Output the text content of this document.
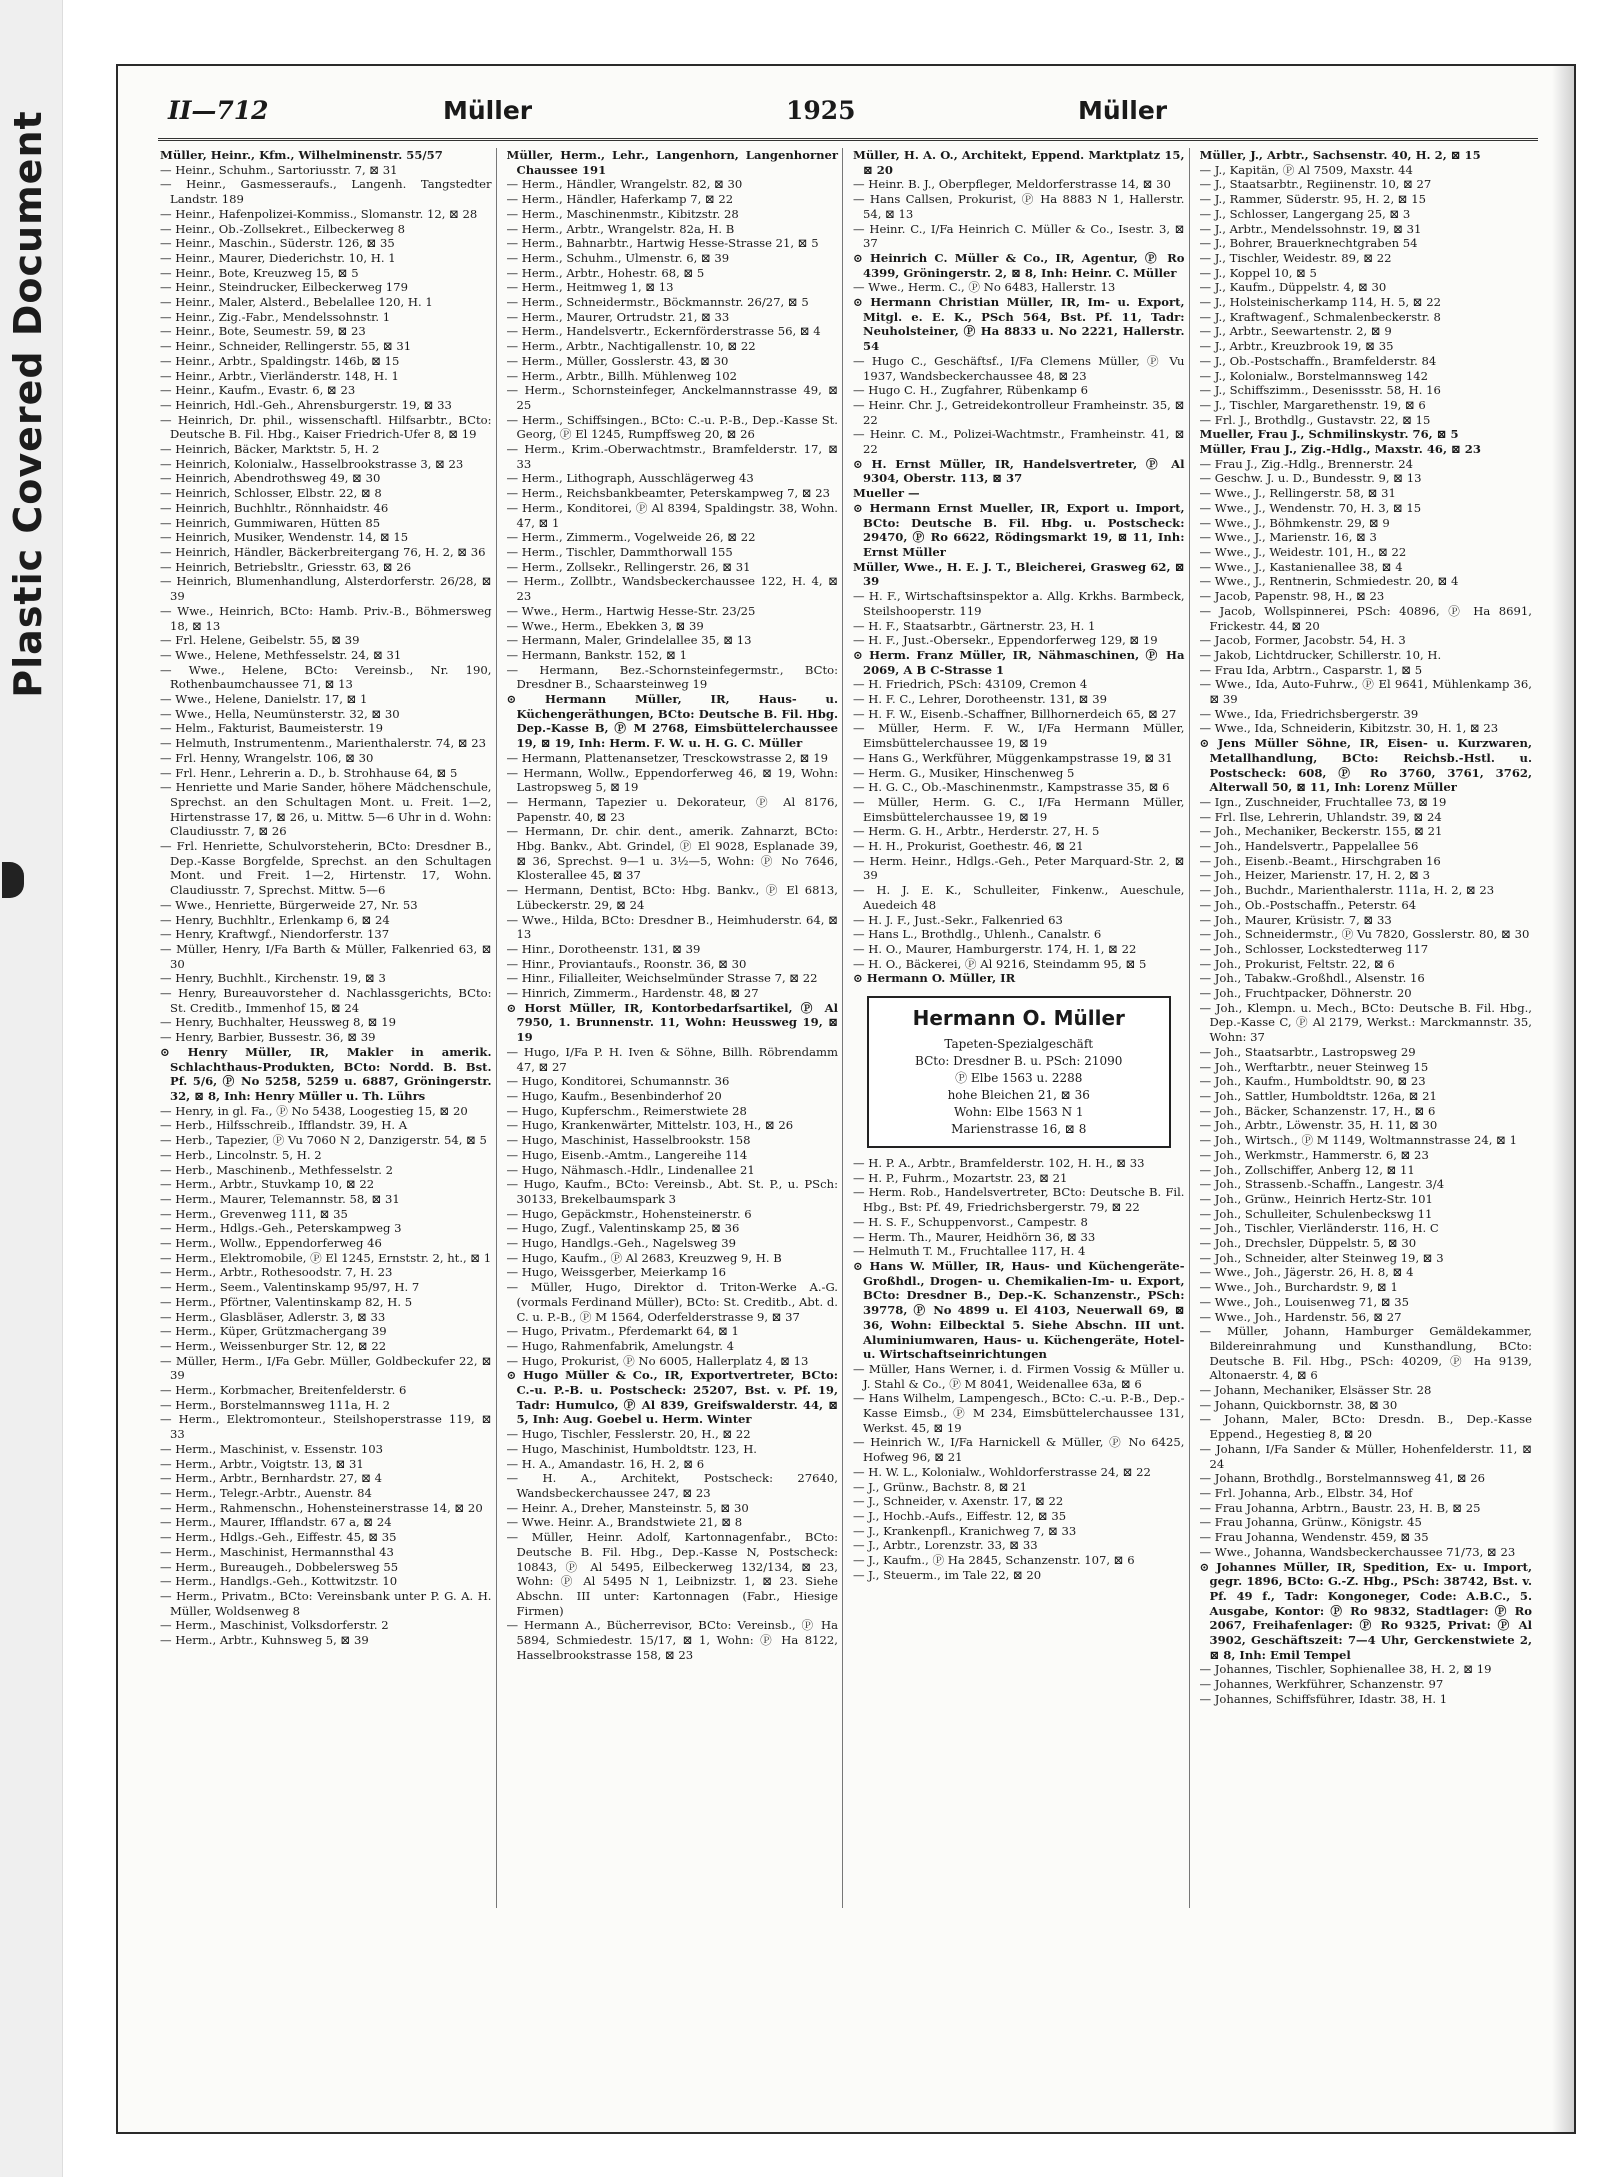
Plastic Covered Document	II—712	Müller	1925	Müller

Müller, Heinr., Kfm., Wilhelminenstr. 55/57

— Heinr., Schuhm., Sartoriusstr. 7, ⊠ 31

— Heinr., Gasmesseraufs., Langenh. Tangstedter Landstr. 189

— Heinr., Hafenpolizei-Kommiss., Slomanstr. 12, ⊠ 28

— Heinr., Ob.-Zollsekret., Eilbeckerweg 8

— Heinr., Maschin., Süderstr. 126, ⊠ 35

— Heinr., Maurer, Diederichstr. 10, H. 1

— Heinr., Bote, Kreuzweg 15, ⊠ 5

— Heinr., Steindrucker, Eilbeckerweg 179

— Heinr., Maler, Alsterd., Bebelallee 120, H. 1

— Heinr., Zig.-Fabr., Mendelssohnstr. 1

— Heinr., Bote, Seumestr. 59, ⊠ 23

— Heinr., Schneider, Rellingerstr. 55, ⊠ 31

— Heinr., Arbtr., Spaldingstr. 146b, ⊠ 15

— Heinr., Arbtr., Vierländerstr. 148, H. 1

— Heinr., Kaufm., Evastr. 6, ⊠ 23

— Heinrich, Hdl.-Geh., Ahrensburgerstr. 19, ⊠ 33

— Heinrich, Dr. phil., wissenschaftl. Hilfsarbtr., BCto: Deutsche B. Fil. Hbg., Kaiser Friedrich-Ufer 8, ⊠ 19

— Heinrich, Bäcker, Marktstr. 5, H. 2

— Heinrich, Kolonialw., Hasselbrookstrasse 3, ⊠ 23

— Heinrich, Abendrothsweg 49, ⊠ 30

— Heinrich, Schlosser, Elbstr. 22, ⊠ 8

— Heinrich, Buchhltr., Rönnhaidstr. 46

— Heinrich, Gummiwaren, Hütten 85

— Heinrich, Musiker, Wendenstr. 14, ⊠ 15

— Heinrich, Händler, Bäckerbreitergang 76, H. 2, ⊠ 36

— Heinrich, Betriebsltr., Griesstr. 63, ⊠ 26

— Heinrich, Blumenhandlung, Alsterdorferstr. 26/28, ⊠ 39

— Wwe., Heinrich, BCto: Hamb. Priv.-B., Böhmersweg 18, ⊠ 13

— Frl. Helene, Geibelstr. 55, ⊠ 39

— Wwe., Helene, Methfesselstr. 24, ⊠ 31

— Wwe., Helene, BCto: Vereinsb., Nr. 190, Rothenbaumchaussee 71, ⊠ 13

— Wwe., Helene, Danielstr. 17, ⊠ 1

— Wwe., Hella, Neumünsterstr. 32, ⊠ 30

— Helm., Fakturist, Baumeisterstr. 19

— Helmuth, Instrumentenm., Marienthalerstr. 74, ⊠ 23

— Frl. Henny, Wrangelstr. 106, ⊠ 30

— Frl. Henr., Lehrerin a. D., b. Strohhause 64, ⊠ 5

— Henriette und Marie Sander, höhere Mädchenschule, Sprechst. an den Schultagen Mont. u. Freit. 1—2, Hirtenstrasse 17, ⊠ 26, u. Mittw. 5—6 Uhr in d. Wohn: Claudiusstr. 7, ⊠ 26

— Frl. Henriette, Schulvorsteherin, BCto: Dresdner B., Dep.-Kasse Borgfelde, Sprechst. an den Schultagen Mont. und Freit. 1—2, Hirtenstr. 17, Wohn. Claudiusstr. 7, Sprechst. Mittw. 5—6

— Wwe., Henriette, Bürgerweide 27, Nr. 53

— Henry, Buchhltr., Erlenkamp 6, ⊠ 24

— Henry, Kraftwgf., Niendorferstr. 137

— Müller, Henry, I/Fa Barth & Müller, Falkenried 63, ⊠ 30

— Henry, Buchhlt., Kirchenstr. 19, ⊠ 3

— Henry, Bureauvorsteher d. Nachlassgerichts, BCto: St. Creditb., Immenhof 15, ⊠ 24

— Henry, Buchhalter, Heussweg 8, ⊠ 19

— Henry, Barbier, Bussestr. 36, ⊠ 39

⊙ Henry Müller, IR, Makler in amerik. Schlachthaus-Produkten, BCto: Nordd. B. Bst. Pf. 5/6, Ⓟ No 5258, 5259 u. 6887, Gröningerstr. 32, ⊠ 8, Inh: Henry Müller u. Th. Lührs

— Henry, in gl. Fa., Ⓟ No 5438, Loogestieg 15, ⊠ 20

— Herb., Hilfsschreib., Ifflandstr. 39, H. A

— Herb., Tapezier, Ⓟ Vu 7060 N 2, Danzigerstr. 54, ⊠ 5

— Herb., Lincolnstr. 5, H. 2

— Herb., Maschinenb., Methfesselstr. 2

— Herm., Arbtr., Stuvkamp 10, ⊠ 22

— Herm., Maurer, Telemannstr. 58, ⊠ 31

— Herm., Grevenweg 111, ⊠ 35

— Herm., Hdlgs.-Geh., Peterskampweg 3

— Herm., Wollw., Eppendorferweg 46

— Herm., Elektromobile, Ⓟ El 1245, Ernststr. 2, ht., ⊠ 1

— Herm., Arbtr., Rothesoodstr. 7, H. 23

— Herm., Seem., Valentinskamp 95/97, H. 7

— Herm., Pförtner, Valentinskamp 82, H. 5

— Herm., Glasbläser, Adlerstr. 3, ⊠ 33

— Herm., Küper, Grützmachergang 39

— Herm., Weissenburger Str. 12, ⊠ 22

— Müller, Herm., I/Fa Gebr. Müller, Goldbeckufer 22, ⊠ 39

— Herm., Korbmacher, Breitenfelderstr. 6

— Herm., Borstelmannsweg 111a, H. 2

— Herm., Elektromonteur., Steilshoperstrasse 119, ⊠ 33

— Herm., Maschinist, v. Essenstr. 103

— Herm., Arbtr., Voigtstr. 13, ⊠ 31

— Herm., Arbtr., Bernhardstr. 27, ⊠ 4

— Herm., Telegr.-Arbtr., Auenstr. 84

— Herm., Rahmenschn., Hohensteinerstrasse 14, ⊠ 20

— Herm., Maurer, Ifflandstr. 67 a, ⊠ 24

— Herm., Hdlgs.-Geh., Eiffestr. 45, ⊠ 35

— Herm., Maschinist, Hermannsthal 43

— Herm., Bureaugeh., Dobbelersweg 55

— Herm., Handlgs.-Geh., Kottwitzstr. 10

— Herm., Privatm., BCto: Vereinsbank unter P. G. A. H. Müller, Woldsenweg 8

— Herm., Maschinist, Volksdorferstr. 2

— Herm., Arbtr., Kuhnsweg 5, ⊠ 39

Müller, Herm., Lehr., Langenhorn, Langenhorner Chaussee 191

— Herm., Händler, Wrangelstr. 82, ⊠ 30

— Herm., Händler, Haferkamp 7, ⊠ 22

— Herm., Maschinenmstr., Kibitzstr. 28

— Herm., Arbtr., Wrangelstr. 82a, H. B

— Herm., Bahnarbtr., Hartwig Hesse-Strasse 21, ⊠ 5

— Herm., Schuhm., Ulmenstr. 6, ⊠ 39

— Herm., Arbtr., Hohestr. 68, ⊠ 5

— Herm., Heitmweg 1, ⊠ 13

— Herm., Schneidermstr., Böckmannstr. 26/27, ⊠ 5

— Herm., Maurer, Ortrudstr. 21, ⊠ 33

— Herm., Handelsvertr., Eckernförderstrasse 56, ⊠ 4

— Herm., Arbtr., Nachtigallenstr. 10, ⊠ 22

— Herm., Müller, Gosslerstr. 43, ⊠ 30

— Herm., Arbtr., Billh. Mühlenweg 102

— Herm., Schornsteinfeger, Anckelmannstrasse 49, ⊠ 25

— Herm., Schiffsingen., BCto: C.-u. P.-B., Dep.-Kasse St. Georg, Ⓟ El 1245, Rumpffsweg 20, ⊠ 26

— Herm., Krim.-Oberwachtmstr., Bramfelderstr. 17, ⊠ 33

— Herm., Lithograph, Ausschlägerweg 43

— Herm., Reichsbankbeamter, Peterskampweg 7, ⊠ 23

— Herm., Konditorei, Ⓟ Al 8394, Spaldingstr. 38, Wohn. 47, ⊠ 1

— Herm., Zimmerm., Vogelweide 26, ⊠ 22

— Herm., Tischler, Dammthorwall 155

— Herm., Zollsekr., Rellingerstr. 26, ⊠ 31

— Herm., Zollbtr., Wandsbeckerchaussee 122, H. 4, ⊠ 23

— Wwe., Herm., Hartwig Hesse-Str. 23/25

— Wwe., Herm., Ebekken 3, ⊠ 39

— Hermann, Maler, Grindelallee 35, ⊠ 13

— Hermann, Bankstr. 152, ⊠ 1

— Hermann, Bez.-Schornsteinfegermstr., BCto: Dresdner B., Schaarsteinweg 19

⊙ Hermann Müller, IR, Haus- u. Küchengeräthungen, BCto: Deutsche B. Fil. Hbg. Dep.-Kasse B, Ⓟ M 2768, Eimsbüttelerchaussee 19, ⊠ 19, Inh: Herm. F. W. u. H. G. C. Müller

— Hermann, Plattenansetzer, Tresckowstrasse 2, ⊠ 19

— Hermann, Wollw., Eppendorferweg 46, ⊠ 19, Wohn: Lastropsweg 5, ⊠ 19

— Hermann, Tapezier u. Dekorateur, Ⓟ Al 8176, Papenstr. 40, ⊠ 23

— Hermann, Dr. chir. dent., amerik. Zahnarzt, BCto: Hbg. Bankv., Abt. Grindel, Ⓟ El 9028, Esplanade 39, ⊠ 36, Sprechst. 9—1 u. 3½—5, Wohn: Ⓟ No 7646, Klosterallee 45, ⊠ 37

— Hermann, Dentist, BCto: Hbg. Bankv., Ⓟ El 6813, Lübeckerstr. 29, ⊠ 24

— Wwe., Hilda, BCto: Dresdner B., Heimhuderstr. 64, ⊠ 13

— Hinr., Dorotheenstr. 131, ⊠ 39

— Hinr., Proviantaufs., Roonstr. 36, ⊠ 30

— Hinr., Filialleiter, Weichselmünder Strasse 7, ⊠ 22

— Hinrich, Zimmerm., Hardenstr. 48, ⊠ 27

⊙ Horst Müller, IR, Kontorbedarfsartikel, Ⓟ Al 7950, 1. Brunnenstr. 11, Wohn: Heussweg 19, ⊠ 19

— Hugo, I/Fa P. H. Iven & Söhne, Billh. Röbrendamm 47, ⊠ 27

— Hugo, Konditorei, Schumannstr. 36

— Hugo, Kaufm., Besenbinderhof 20

— Hugo, Kupferschm., Reimerstwiete 28

— Hugo, Krankenwärter, Mittelstr. 103, H., ⊠ 26

— Hugo, Maschinist, Hasselbrookstr. 158

— Hugo, Eisenb.-Amtm., Langereihe 114

— Hugo, Nähmasch.-Hdlr., Lindenallee 21

— Hugo, Kaufm., BCto: Vereinsb., Abt. St. P., u. PSch: 30133, Brekelbaumspark 3

— Hugo, Gepäckmstr., Hohensteinerstr. 6

— Hugo, Zugf., Valentinskamp 25, ⊠ 36

— Hugo, Handlgs.-Geh., Nagelsweg 39

— Hugo, Kaufm., Ⓟ Al 2683, Kreuzweg 9, H. B

— Hugo, Weissgerber, Meierkamp 16

— Müller, Hugo, Direktor d. Triton-Werke A.-G. (vormals Ferdinand Müller), BCto: St. Creditb., Abt. d. C. u. P.-B., Ⓟ M 1564, Oderfelderstrasse 9, ⊠ 37

— Hugo, Privatm., Pferdemarkt 64, ⊠ 1

— Hugo, Rahmenfabrik, Amelungstr. 4

— Hugo, Prokurist, Ⓟ No 6005, Hallerplatz 4, ⊠ 13

⊙ Hugo Müller & Co., IR, Exportvertreter, BCto: C.-u. P.-B. u. Postscheck: 25207, Bst. v. Pf. 19, Tadr: Humulco, Ⓟ Al 839, Greifswalderstr. 44, ⊠ 5, Inh: Aug. Goebel u. Herm. Winter

— Hugo, Tischler, Fesslerstr. 20, H., ⊠ 22

— Hugo, Maschinist, Humboldtstr. 123, H.

— H. A., Amandastr. 16, H. 2, ⊠ 6

— H. A., Architekt, Postscheck: 27640, Wandsbeckerchaussee 247, ⊠ 23

— Heinr. A., Dreher, Mansteinstr. 5, ⊠ 30

— Wwe. Heinr. A., Brandstwiete 21, ⊠ 8

— Müller, Heinr. Adolf, Kartonnagenfabr., BCto: Deutsche B. Fil. Hbg., Dep.-Kasse N, Postscheck: 10843, Ⓟ Al 5495, Eilbeckerweg 132/134, ⊠ 23, Wohn: Ⓟ Al 5495 N 1, Leibnizstr. 1, ⊠ 23. Siehe Abschn. III unter: Kartonnagen (Fabr., Hiesige Firmen)

— Hermann A., Bücherrevisor, BCto: Vereinsb., Ⓟ Ha 5894, Schmiedestr. 15/17, ⊠ 1, Wohn: Ⓟ Ha 8122, Hasselbrookstrasse 158, ⊠ 23

Müller, H. A. O., Architekt, Eppend. Marktplatz 15, ⊠ 20

— Heinr. B. J., Oberpfleger, Meldorferstrasse 14, ⊠ 30

— Hans Callsen, Prokurist, Ⓟ Ha 8883 N 1, Hallerstr. 54, ⊠ 13

— Heinr. C., I/Fa Heinrich C. Müller & Co., Isestr. 3, ⊠ 37

⊙ Heinrich C. Müller & Co., IR, Agentur, Ⓟ Ro 4399, Gröningerstr. 2, ⊠ 8, Inh: Heinr. C. Müller

— Wwe., Herm. C., Ⓟ No 6483, Hallerstr. 13

⊙ Hermann Christian Müller, IR, Im- u. Export, Mitgl. e. E. K., PSch 564, Bst. Pf. 11, Tadr: Neuholsteiner, Ⓟ Ha 8833 u. No 2221, Hallerstr. 54

— Hugo C., Geschäftsf., I/Fa Clemens Müller, Ⓟ Vu 1937, Wandsbeckerchaussee 48, ⊠ 23

— Hugo C. H., Zugfahrer, Rübenkamp 6

— Heinr. Chr. J., Getreidekontrolleur Framheinstr. 35, ⊠ 22

— Heinr. C. M., Polizei-Wachtmstr., Framheinstr. 41, ⊠ 22

⊙ H. Ernst Müller, IR, Handelsvertreter, Ⓟ Al 9304, Oberstr. 113, ⊠ 37

Mueller —

⊙ Hermann Ernst Mueller, IR, Export u. Import, BCto: Deutsche B. Fil. Hbg. u. Postscheck: 29470, Ⓟ Ro 6622, Rödingsmarkt 19, ⊠ 11, Inh: Ernst Müller

Müller, Wwe., H. E. J. T., Bleicherei, Grasweg 62, ⊠ 39

— H. F., Wirtschaftsinspektor a. Allg. Krkhs. Barmbeck, Steilshooperstr. 119

— H. F., Staatsarbtr., Gärtnerstr. 23, H. 1

— H. F., Just.-Obersekr., Eppendorferweg 129, ⊠ 19

⊙ Herm. Franz Müller, IR, Nähmaschinen, Ⓟ Ha 2069, A B C-Strasse 1

— H. Friedrich, PSch: 43109, Cremon 4

— H. F. C., Lehrer, Dorotheenstr. 131, ⊠ 39

— H. F. W., Eisenb.-Schaffner, Billhornerdeich 65, ⊠ 27

— Müller, Herm. F. W., I/Fa Hermann Müller, Eimsbüttelerchaussee 19, ⊠ 19

— Hans G., Werkführer, Müggenkampstrasse 19, ⊠ 31

— Herm. G., Musiker, Hinschenweg 5

— H. G. C., Ob.-Maschinenmstr., Kampstrasse 35, ⊠ 6

— Müller, Herm. G. C., I/Fa Hermann Müller, Eimsbüttelerchaussee 19, ⊠ 19

— Herm. G. H., Arbtr., Herderstr. 27, H. 5

— H. H., Prokurist, Goethestr. 46, ⊠ 21

— Herm. Heinr., Hdlgs.-Geh., Peter Marquard-Str. 2, ⊠ 39

— H. J. E. K., Schulleiter, Finkenw., Aueschule, Auedeich 48

— H. J. F., Just.-Sekr., Falkenried 63

— Hans L., Brothdlg., Uhlenh., Canalstr. 6

— H. O., Maurer, Hamburgerstr. 174, H. 1, ⊠ 22

— H. O., Bäckerei, Ⓟ Al 9216, Steindamm 95, ⊠ 5

⊙ Hermann O. Müller, IR

Hermann O. Müller

Tapeten-Spezialgeschäft

BCto: Dresdner B. u. PSch: 21090

Ⓟ Elbe 1563 u. 2288

hohe Bleichen 21, ⊠ 36

Wohn: Elbe 1563 N 1

Marienstrasse 16, ⊠ 8

— H. P. A., Arbtr., Bramfelderstr. 102, H. H., ⊠ 33

— H. P., Fuhrm., Mozartstr. 23, ⊠ 21

— Herm. Rob., Handelsvertreter, BCto: Deutsche B. Fil. Hbg., Bst: Pf. 49, Friedrichsbergerstr. 79, ⊠ 22

— H. S. F., Schuppenvorst., Campestr. 8

— Herm. Th., Maurer, Heidhörn 36, ⊠ 33

— Helmuth T. M., Fruchtallee 117, H. 4

⊙ Hans W. Müller, IR, Haus- und Küchengeräte-Großhdl., Drogen- u. Chemikalien-Im- u. Export, BCto: Dresdner B., Dep.-K. Schanzenstr., PSch: 39778, Ⓟ No 4899 u. El 4103, Neuerwall 69, ⊠ 36, Wohn: Eilbecktal 5. Siehe Abschn. III unt. Aluminiumwaren, Haus- u. Küchengeräte, Hotel- u. Wirtschaftseinrichtungen

— Müller, Hans Werner, i. d. Firmen Vossig & Müller u. J. Stahl & Co., Ⓟ M 8041, Weidenallee 63a, ⊠ 6

— Hans Wilhelm, Lampengesch., BCto: C.-u. P.-B., Dep.-Kasse Eimsb., Ⓟ M 234, Eimsbüttelerchaussee 131, Werkst. 45, ⊠ 19

— Heinrich W., I/Fa Harnickell & Müller, Ⓟ No 6425, Hofweg 96, ⊠ 21

— H. W. L., Kolonialw., Wohldorferstrasse 24, ⊠ 22

— J., Grünw., Bachstr. 8, ⊠ 21

— J., Schneider, v. Axenstr. 17, ⊠ 22

— J., Hochb.-Aufs., Eiffestr. 12, ⊠ 35

— J., Krankenpfl., Kranichweg 7, ⊠ 33

— J., Arbtr., Lorenzstr. 33, ⊠ 33

— J., Kaufm., Ⓟ Ha 2845, Schanzenstr. 107, ⊠ 6

— J., Steuerm., im Tale 22, ⊠ 20

Müller, J., Arbtr., Sachsenstr. 40, H. 2, ⊠ 15

— J., Kapitän, Ⓟ Al 7509, Maxstr. 44

— J., Staatsarbtr., Regiinenstr. 10, ⊠ 27

— J., Rammer, Süderstr. 95, H. 2, ⊠ 15

— J., Schlosser, Langergang 25, ⊠ 3

— J., Arbtr., Mendelssohnstr. 19, ⊠ 31

— J., Bohrer, Brauerknechtgraben 54

— J., Tischler, Weidestr. 89, ⊠ 22

— J., Koppel 10, ⊠ 5

— J., Kaufm., Düppelstr. 4, ⊠ 30

— J., Holsteinischerkamp 114, H. 5, ⊠ 22

— J., Kraftwagenf., Schmalenbeckerstr. 8

— J., Arbtr., Seewartenstr. 2, ⊠ 9

— J., Arbtr., Kreuzbrook 19, ⊠ 35

— J., Ob.-Postschaffn., Bramfelderstr. 84

— J., Kolonialw., Borstelmannsweg 142

— J., Schiffszimm., Desenissstr. 58, H. 16

— J., Tischler, Margarethenstr. 19, ⊠ 6

— Frl. J., Brothdlg., Gustavstr. 22, ⊠ 15

Mueller, Frau J., Schmilinskystr. 76, ⊠ 5

Müller, Frau J., Zig.-Hdlg., Maxstr. 46, ⊠ 23

— Frau J., Zig.-Hdlg., Brennerstr. 24

— Geschw. J. u. D., Bundesstr. 9, ⊠ 13

— Wwe., J., Rellingerstr. 58, ⊠ 31

— Wwe., J., Wendenstr. 70, H. 3, ⊠ 15

— Wwe., J., Böhmkenstr. 29, ⊠ 9

— Wwe., J., Marienstr. 16, ⊠ 3

— Wwe., J., Weidestr. 101, H., ⊠ 22

— Wwe., J., Kastanienallee 38, ⊠ 4

— Wwe., J., Rentnerin, Schmiedestr. 20, ⊠ 4

— Jacob, Papenstr. 98, H., ⊠ 23

— Jacob, Wollspinnerei, PSch: 40896, Ⓟ Ha 8691, Frickestr. 44, ⊠ 20

— Jacob, Former, Jacobstr. 54, H. 3

— Jakob, Lichtdrucker, Schillerstr. 10, H.

— Frau Ida, Arbtrn., Casparstr. 1, ⊠ 5

— Wwe., Ida, Auto-Fuhrw., Ⓟ El 9641, Mühlenkamp 36, ⊠ 39

— Wwe., Ida, Friedrichsbergerstr. 39

— Wwe., Ida, Schneiderin, Kibitzstr. 30, H. 1, ⊠ 23

⊙ Jens Müller Söhne, IR, Eisen- u. Kurzwaren, Metallhandlung, BCto: Reichsb.-Hstl. u. Postscheck: 608, Ⓟ Ro 3760, 3761, 3762, Alterwall 50, ⊠ 11, Inh: Lorenz Müller

— Ign., Zuschneider, Fruchtallee 73, ⊠ 19

— Frl. Ilse, Lehrerin, Uhlandstr. 39, ⊠ 24

— Joh., Mechaniker, Beckerstr. 155, ⊠ 21

— Joh., Handelsvertr., Pappelallee 56

— Joh., Eisenb.-Beamt., Hirschgraben 16

— Joh., Heizer, Marienstr. 17, H. 2, ⊠ 3

— Joh., Buchdr., Marienthalerstr. 111a, H. 2, ⊠ 23

— Joh., Ob.-Postschaffn., Peterstr. 64

— Joh., Maurer, Krüsistr. 7, ⊠ 33

— Joh., Schneidermstr., Ⓟ Vu 7820, Gosslerstr. 80, ⊠ 30

— Joh., Schlosser, Lockstedterweg 117

— Joh., Prokurist, Feltstr. 22, ⊠ 6

— Joh., Tabakw.-Großhdl., Alsenstr. 16

— Joh., Fruchtpacker, Döhnerstr. 20

— Joh., Klempn. u. Mech., BCto: Deutsche B. Fil. Hbg., Dep.-Kasse C, Ⓟ Al 2179, Werkst.: Marckmannstr. 35, Wohn: 37

— Joh., Staatsarbtr., Lastropsweg 29

— Joh., Werftarbtr., neuer Steinweg 15

— Joh., Kaufm., Humboldtstr. 90, ⊠ 23

— Joh., Sattler, Humboldtstr. 126a, ⊠ 21

— Joh., Bäcker, Schanzenstr. 17, H., ⊠ 6

— Joh., Arbtr., Löwenstr. 35, H. 11, ⊠ 30

— Joh., Wirtsch., Ⓟ M 1149, Woltmannstrasse 24, ⊠ 1

— Joh., Werkmstr., Hammerstr. 6, ⊠ 23

— Joh., Zollschiffer, Anberg 12, ⊠ 11

— Joh., Strassenb.-Schaffn., Langestr. 3/4

— Joh., Grünw., Heinrich Hertz-Str. 101

— Joh., Schulleiter, Schulenbeckswg 11

— Joh., Tischler, Vierländerstr. 116, H. C

— Joh., Drechsler, Düppelstr. 5, ⊠ 30

— Joh., Schneider, alter Steinweg 19, ⊠ 3

— Wwe., Joh., Jägerstr. 26, H. 8, ⊠ 4

— Wwe., Joh., Burchardstr. 9, ⊠ 1

— Wwe., Joh., Louisenweg 71, ⊠ 35

— Wwe., Joh., Hardenstr. 56, ⊠ 27

— Müller, Johann, Hamburger Gemäldekammer, Bildereinrahmung und Kunsthandlung, BCto: Deutsche B. Fil. Hbg., PSch: 40209, Ⓟ Ha 9139, Altonaerstr. 4, ⊠ 6

— Johann, Mechaniker, Elsässer Str. 28

— Johann, Quickbornstr. 38, ⊠ 30

— Johann, Maler, BCto: Dresdn. B., Dep.-Kasse Eppend., Hegestieg 8, ⊠ 20

— Johann, I/Fa Sander & Müller, Hohenfelderstr. 11, ⊠ 24

— Johann, Brothdlg., Borstelmannsweg 41, ⊠ 26

— Frl. Johanna, Arb., Elbstr. 34, Hof

— Frau Johanna, Arbtrn., Baustr. 23, H. B, ⊠ 25

— Frau Johanna, Grünw., Königstr. 45

— Frau Johanna, Wendenstr. 459, ⊠ 35

— Wwe., Johanna, Wandsbeckerchaussee 71/73, ⊠ 23

⊙ Johannes Müller, IR, Spedition, Ex- u. Import, gegr. 1896, BCto: G.-Z. Hbg., PSch: 38742, Bst. v. Pf. 49 f., Tadr: Kongoneger, Code: A.B.C., 5. Ausgabe, Kontor: Ⓟ Ro 9832, Stadtlager: Ⓟ Ro 2067, Freihafenlager: Ⓟ Ro 9325, Privat: Ⓟ Al 3902, Geschäftszeit: 7—4 Uhr, Gerckenstwiete 2, ⊠ 8, Inh: Emil Tempel

— Johannes, Tischler, Sophienallee 38, H. 2, ⊠ 19

— Johannes, Werkführer, Schanzenstr. 97

— Johannes, Schiffsführer, Idastr. 38, H. 1
